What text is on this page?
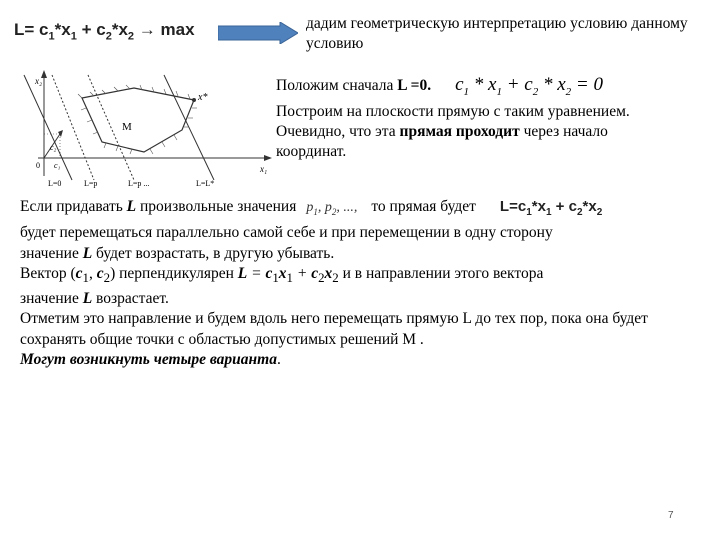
$L= c_1*x_1 + c_2*x_2 \to \max$	дадим геометрическую интерпретацию условию данному условию
x₂
x*
M
c₂
c₁
0	x₁
L=0	L=p	L=p ...	L=L*

Положим сначала L =0. $c_1 * x_1 + c_2 * x_2 = 0$

Построим на плоскости прямую с таким уравнением.

Очевидно, что эта прямая проходит через начало

координат.

Если придавать L произвольные значения $p_1$, $p_2$, ..., то прямая будет $L=c_1*x_1 + c_2*x_2$

будет перемещаться параллельно самой себе и при перемещении в одну сторону

значение L будет возрастать, в другую убывать.

Вектор ($c_1$, $c_2$) перпендикулярен $L = c_1x_1 + c_2x_2$ и в направлении этого вектора

значение L возрастает.

Отметим это направление и будем вдоль него перемещать прямую L до тех пор, пока она будет сохранять общие точки с областью допустимых решений M .

Могут возникнуть четыре варианта.

7
